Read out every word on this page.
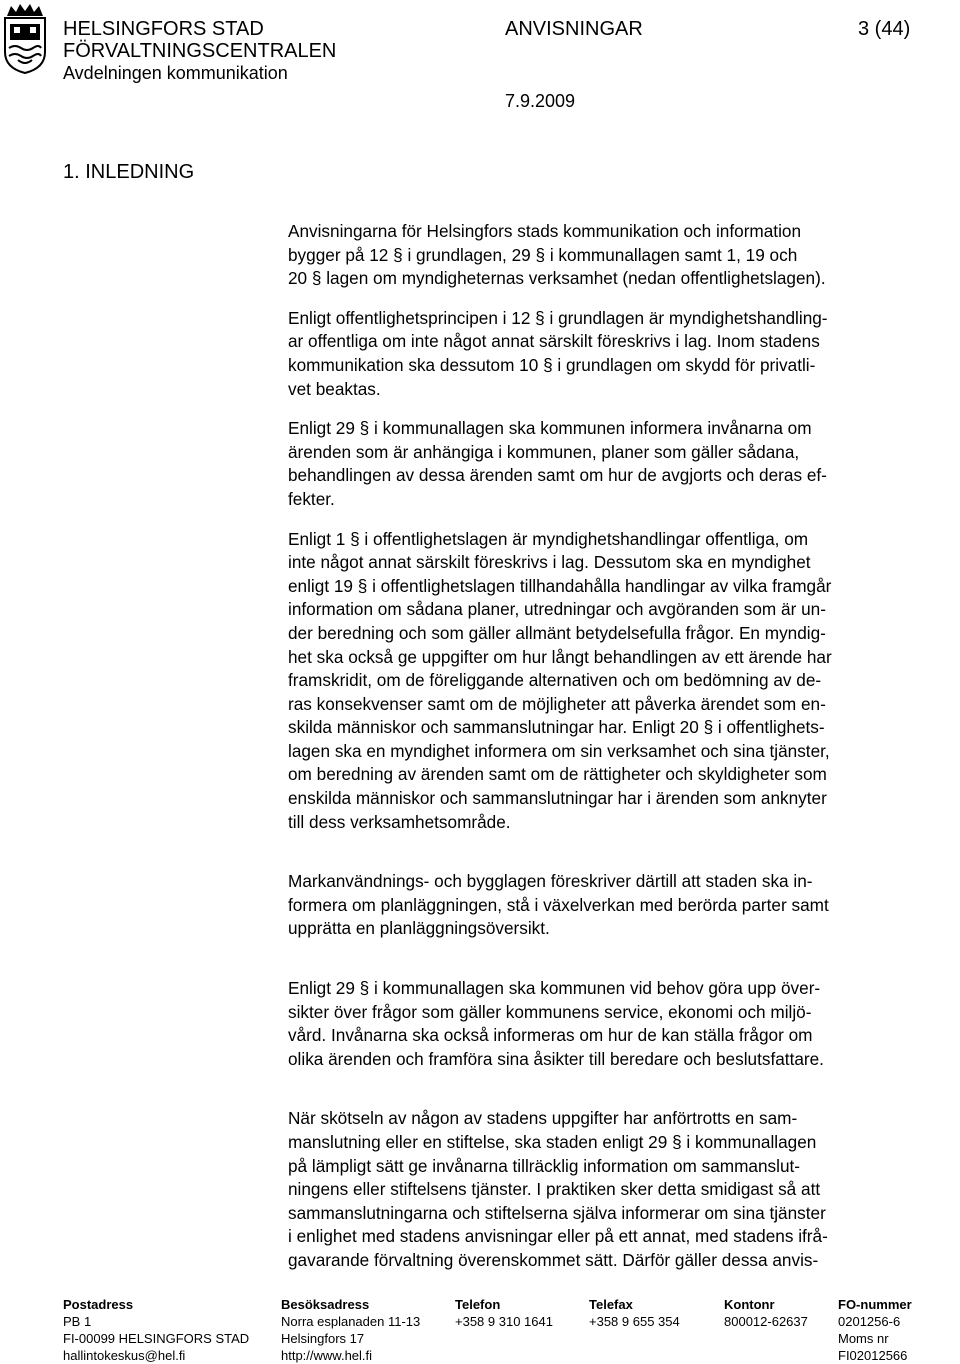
HELSINGFORS STAD
FÖRVALTNINGSCENTRALEN
Avdelningen kommunikation
ANVISNINGAR	3 (44)
7.9.2009
1. INLEDNING
Anvisningarna för Helsingfors stads kommunikation och information
bygger på 12 § i grundlagen, 29 § i kommunallagen samt 1, 19 och
20 § lagen om myndigheternas verksamhet (nedan offentlighetslagen).
Enligt offentlighetsprincipen i 12 § i grundlagen är myndighetshandling-
ar offentliga om inte något annat särskilt föreskrivs i lag. Inom stadens
kommunikation ska dessutom 10 § i grundlagen om skydd för privatli-
vet beaktas.
Enligt 29 § i kommunallagen ska kommunen informera invånarna om
ärenden som är anhängiga i kommunen, planer som gäller sådana,
behandlingen av dessa ärenden samt om hur de avgjorts och deras ef-
fekter.
Enligt 1 § i offentlighetslagen är myndighetshandlingar offentliga, om
inte något annat särskilt föreskrivs i lag. Dessutom ska en myndighet
enligt 19 § i offentlighetslagen tillhandahålla handlingar av vilka framgår
information om sådana planer, utredningar och avgöranden som är un-
der beredning och som gäller allmänt betydelsefulla frågor. En myndig-
het ska också ge uppgifter om hur långt behandlingen av ett ärende har
framskridit, om de föreliggande alternativen och om bedömning av de-
ras konsekvenser samt om de möjligheter att påverka ärendet som en-
skilda människor och sammanslutningar har. Enligt 20 § i offentlighets-
lagen ska en myndighet informera om sin verksamhet och sina tjänster,
om beredning av ärenden samt om de rättigheter och skyldigheter som
enskilda människor och sammanslutningar har i ärenden som anknyter
till dess verksamhetsområde.
Markanvändnings- och bygglagen föreskriver därtill att staden ska in-
formera om planläggningen, stå i växelverkan med berörda parter samt
upprätta en planläggningsöversikt.
Enligt 29 § i kommunallagen ska kommunen vid behov göra upp över-
sikter över frågor som gäller kommunens service, ekonomi och miljö-
vård. Invånarna ska också informeras om hur de kan ställa frågor om
olika ärenden och framföra sina åsikter till beredare och beslutsfattare.
När skötseln av någon av stadens uppgifter har anförtrotts en sam-
manslutning eller en stiftelse, ska staden enligt 29 § i kommunallagen
på lämpligt sätt ge invånarna tillräcklig information om sammanslut-
ningens eller stiftelsens tjänster. I praktiken sker detta smidigast så att
sammanslutningarna och stiftelserna själva informerar om sina tjänster
i enlighet med stadens anvisningar eller på ett annat, med stadens ifrå-
gavarande förvaltning överenskommet sätt. Därför gäller dessa anvis-
Postadress
PB 1
FI-00099 HELSINGFORS STAD
hallintokeskus@hel.fi
Besöksadress
Norra esplanaden 11-13
Helsingfors 17
http://www.hel.fi
Telefon
+358 9 310 1641
Telefax
+358 9 655 354
Kontonr
800012-62637
FO-nummer
0201256-6
Moms nr
FI02012566
